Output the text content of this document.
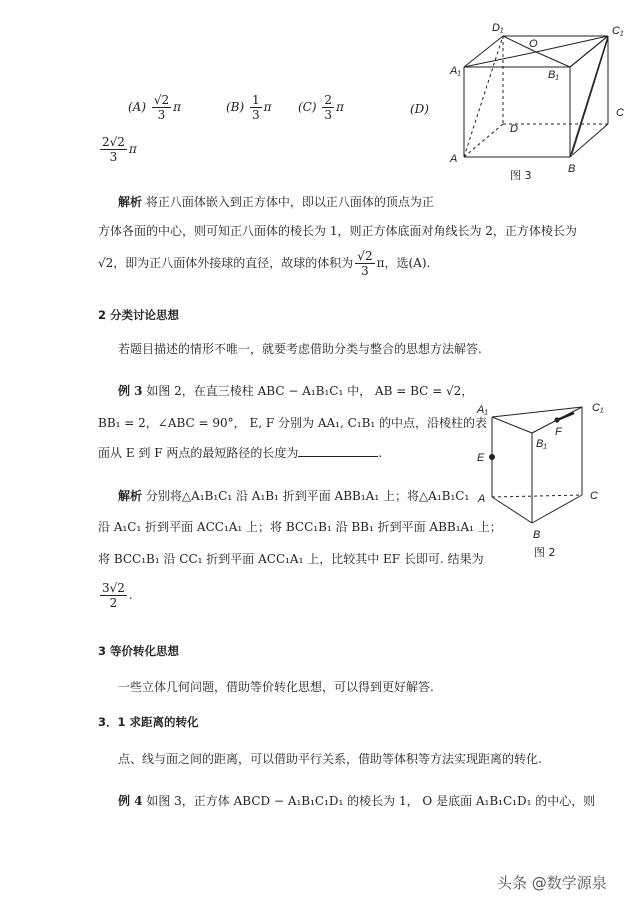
D₁
O
C₁
A₁	B₁
C
D
A
B
图 3
$(A) \frac{√2}{3}$ π	$(B) \frac{1}{3}$ π $(C) \frac{2}{3}$ π	(D)
$\frac{2√2}{3}$ π
解析 将正八面体嵌入到正方体中，即以正八面体的顶点为正
方体各面的中心，则可知正八面体的棱长为 1，则正方体底面对角线长为 2，正方体棱长为
√2，即为正八面体外接球的直径，故球的体积为 $\frac{√2}{3}$ π，选(A).
2 分类讨论思想
若题目描述的情形不唯一，就要考虑借助分类与整合的思想方法解答.
例 3 如图 2，在直三棱柱 ABC − A₁B₁C₁ 中， AB = BC = √2，
BB₁ = 2，∠ABC = 90°， E, F 分别为 AA₁, C₁B₁ 的中点，沿棱柱的表
面从 E 到 F 两点的最短路径的长度为	.
解析 分别将△A₁B₁C₁ 沿 A₁B₁ 折到平面 ABB₁A₁ 上；将△A₁B₁C₁
沿 A₁C₁ 折到平面 ACC₁A₁ 上；将 BCC₁B₁ 沿 BB₁ 折到平面 ABB₁A₁ 上；
将 BCC₁B₁ 沿 CC₁ 折到平面 ACC₁A₁ 上，比较其中 EF 长即可. 结果为
$\frac{3√2}{2}$ .
A₁	C₁
F
B₁
E
A	C
B
图 2
3 等价转化思想
一些立体几何问题，借助等价转化思想，可以得到更好解答.
3．1 求距离的转化
点、线与面之间的距离，可以借助平行关系，借助等体积等方法实现距离的转化.
例 4 如图 3，正方体 ABCD − A₁B₁C₁D₁ 的棱长为 1， O 是底面 A₁B₁C₁D₁ 的中心，则
头条 @数学源泉
